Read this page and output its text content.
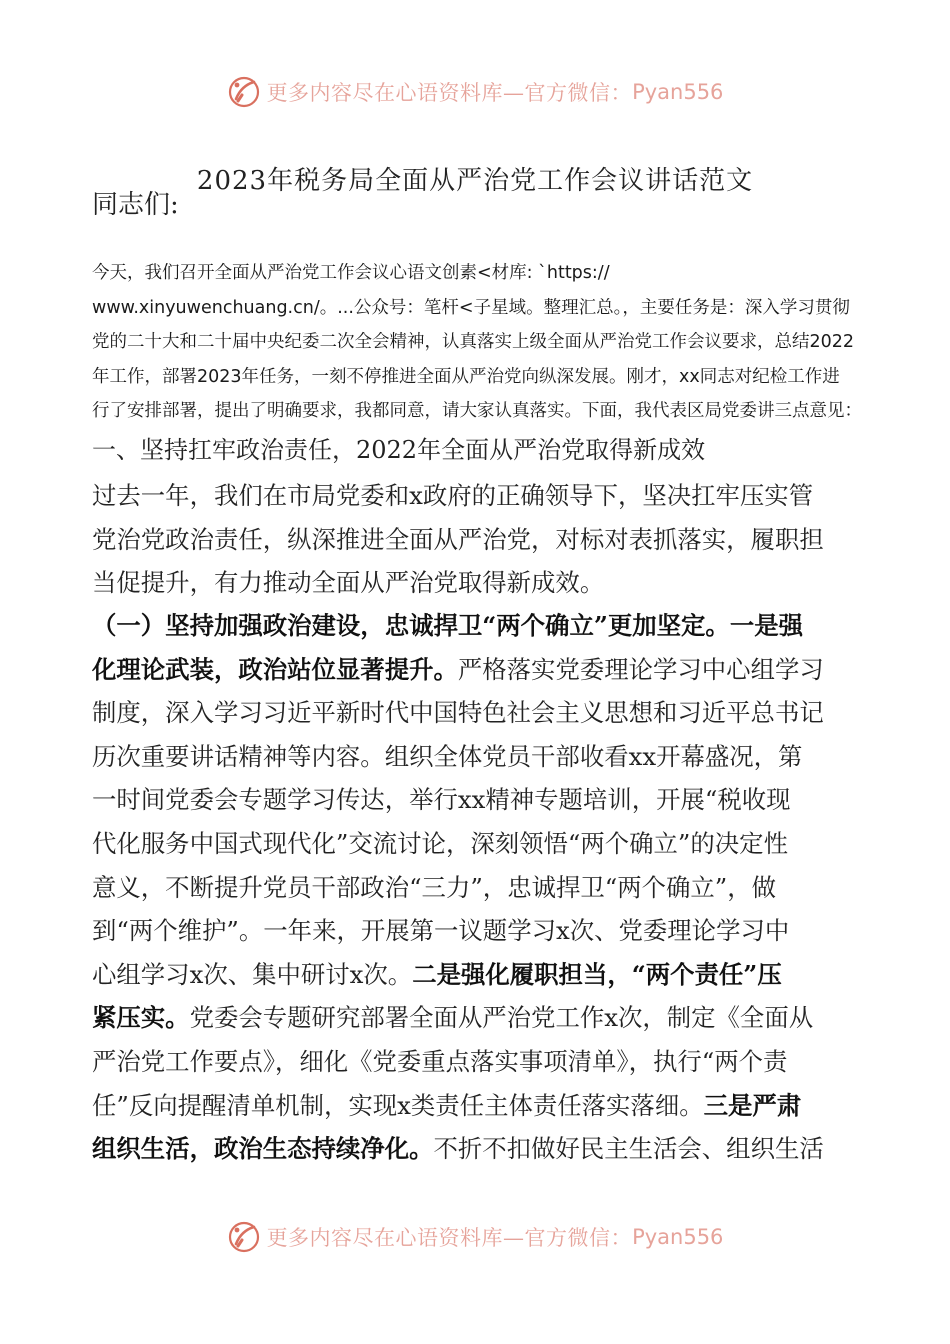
更多内容尽在心语资料库—官方微信： Pyan556
2023年税务局全面从严治党工作会议讲话范文
同志们:
今天，我们召开全面从严治党工作会议心语文创素<材库: `https://
www.xinyuwenchuang.cn/。...公众号：笔杆<子星域。整理汇总。，主要任务是：深入学习贯彻
党的二十大和二十届中央纪委二次全会精神，认真落实上级全面从严治党工作会议要求，总结2022
年工作，部署2023年任务，一刻不停推进全面从严治党向纵深发展。刚才，xx同志对纪检工作进
行了安排部署，提出了明确要求，我都同意，请大家认真落实。下面，我代表区局党委讲三点意见：
一、坚持扛牢政治责任，2022年全面从严治党取得新成效
过去一年，我们在市局党委和x政府的正确领导下，坚决扛牢压实管
党治党政治责任，纵深推进全面从严治党，对标对表抓落实，履职担
当促提升，有力推动全面从严治党取得新成效。
（一）坚持加强政治建设，忠诚捍卫“两个确立”更加坚定。一是强
化理论武装，政治站位显著提升。严格落实党委理论学习中心组学习
制度，深入学习习近平新时代中国特色社会主义思想和习近平总书记
历次重要讲话精神等内容。组织全体党员干部收看xx开幕盛况，第
一时间党委会专题学习传达，举行xx精神专题培训，开展“税收现
代化服务中国式现代化”交流讨论，深刻领悟“两个确立”的决定性
意义，不断提升党员干部政治“三力”，忠诚捍卫“两个确立”，做
到“两个维护”。一年来，开展第一议题学习x次、党委理论学习中
心组学习x次、集中研讨x次。二是强化履职担当，“两个责任”压
紧压实。党委会专题研究部署全面从严治党工作x次，制定《全面从
严治党工作要点》，细化《党委重点落实事项清单》，执行“两个责
任”反向提醒清单机制，实现x类责任主体责任落实落细。三是严肃
组织生活，政治生态持续净化。不折不扣做好民主生活会、组织生活
更多内容尽在心语资料库—官方微信： Pyan556
